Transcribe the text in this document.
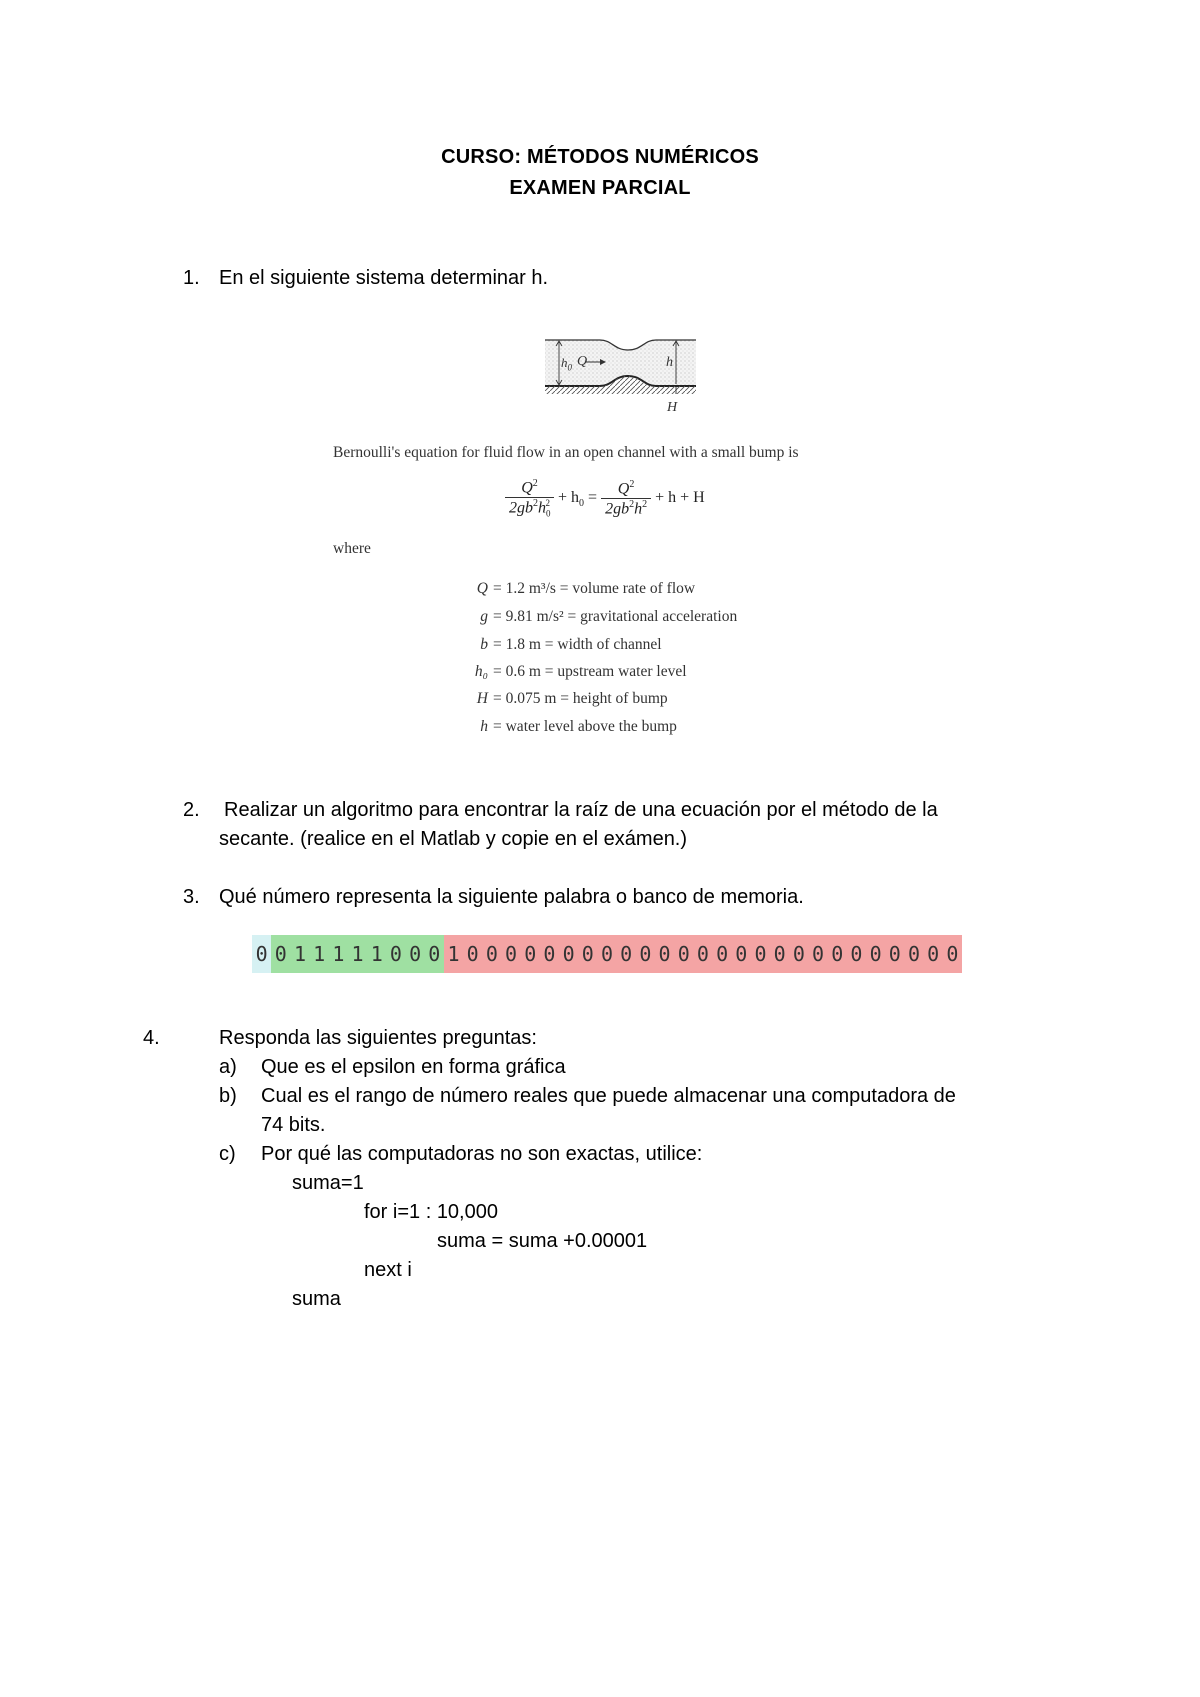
CURSO: MÉTODOS NUMÉRICOS
EXAMEN PARCIAL
1. En el siguiente sistema determinar h.
$h_0$ Q	h
H
Bernoulli's equation for fluid flow in an open channel with a small bump is
$\frac{Q^2}{2gb^2h_0^2} + h_0 = \frac{Q^2}{2gb^2h^2} + h + H$
where
Q = 1.2 m³/s = volume rate of flow
g = 9.81 m/s² = gravitational acceleration
b = 1.8 m = width of channel
h₀ = 0.6 m = upstream water level
H = 0.075 m = height of bump
h = water level above the bump
2. Realizar un algoritmo para encontrar la raíz de una ecuación por el método de la
secante. (realice en el Matlab y copie en el exámen.)
3. Qué número representa la siguiente palabra o banco de memoria.
0 0 1 1 1 1 1 0 0 0 1 0 0 0 0 0 0 0 0 0 0 0 0 0 0 0 0 0 0 0 0 0 0 0 0 0 0
4.	Responda las siguientes preguntas:
a) Que es el epsilon en forma gráfica
b) Cual es el rango de número reales que puede almacenar una computadora de
74 bits.
c) Por qué las computadoras no son exactas, utilice:
suma=1
for i=1 : 10,000
suma = suma +0.00001
next i
suma
